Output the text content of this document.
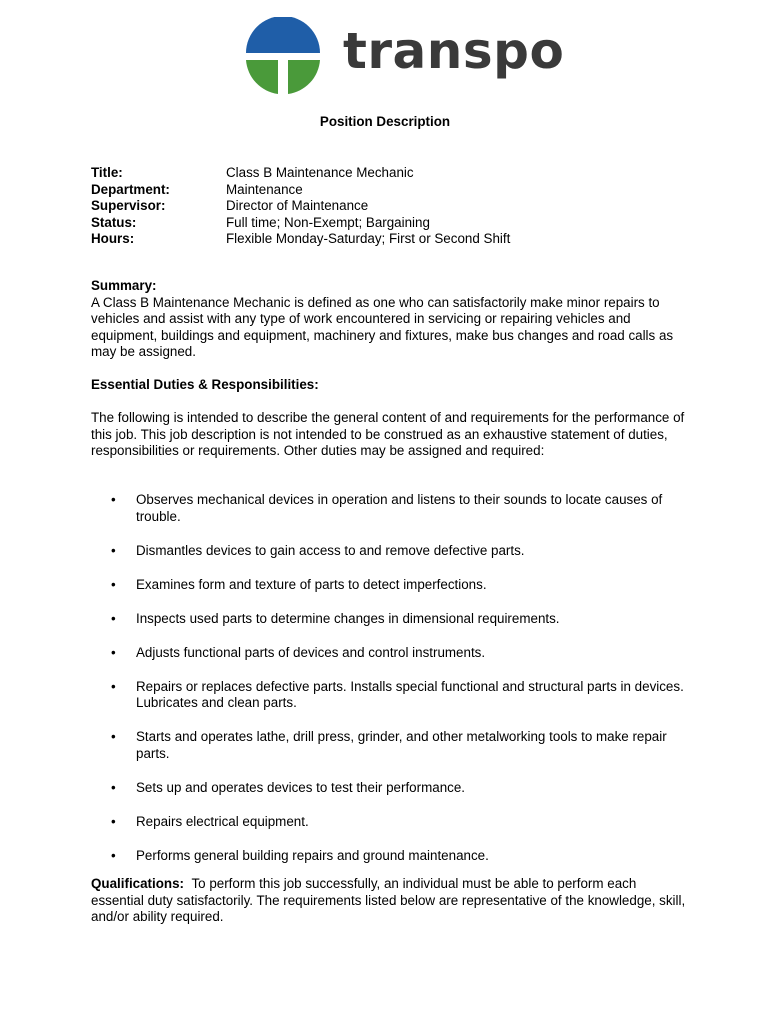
transpo
Position Description
Title:	Class B Maintenance Mechanic
Department:	Maintenance
Supervisor:	Director of Maintenance
Status:	Full time; Non-Exempt; Bargaining
Hours:	Flexible Monday-Saturday; First or Second Shift
Summary:

A Class B Maintenance Mechanic is defined as one who can satisfactorily make minor repairs to vehicles and assist with any type of work encountered in servicing or repairing vehicles and equipment, buildings and equipment, machinery and fixtures, make bus changes and road calls as may be assigned.

Essential Duties & Responsibilities:

The following is intended to describe the general content of and requirements for the performance of this job. This job description is not intended to be construed as an exhaustive statement of duties, responsibilities or requirements. Other duties may be assigned and required:

• Observes mechanical devices in operation and listens to their sounds to locate causes of trouble.
• Dismantles devices to gain access to and remove defective parts.
• Examines form and texture of parts to detect imperfections.
• Inspects used parts to determine changes in dimensional requirements.
• Adjusts functional parts of devices and control instruments.
• Repairs or replaces defective parts. Installs special functional and structural parts in devices. Lubricates and clean parts.
• Starts and operates lathe, drill press, grinder, and other metalworking tools to make repair parts.
• Sets up and operates devices to test their performance.
• Repairs electrical equipment.
• Performs general building repairs and ground maintenance.
Qualifications: To perform this job successfully, an individual must be able to perform each essential duty satisfactorily. The requirements listed below are representative of the knowledge, skill, and/or ability required.
